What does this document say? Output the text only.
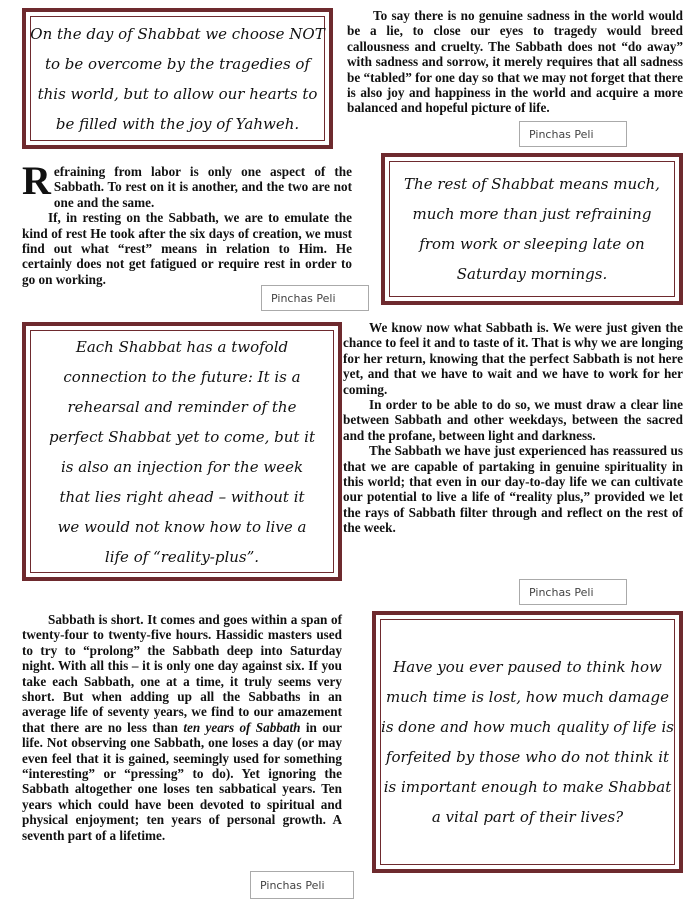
On the day of Shabbat we choose NOT
to be overcome by the tragedies of
this world, but to allow our hearts to
be filled with the joy of Yahweh.

To say there is no genuine sadness in the world would be a lie, to close our eyes to tragedy would breed callousness and cruelty. The Sabbath does not “do away” with sadness and sorrow, it merely requires that all sadness be “tabled” for one day so that we may not forget that there is also joy and happiness in the world and acquire a more balanced and hopeful picture of life.

Pinchas Peli

Refraining from labor is only one aspect of the Sabbath. To rest on it is another, and the two are not one and the same.

If, in resting on the Sabbath, we are to emulate the kind of rest He took after the six days of creation, we must find out what “rest” means in relation to Him. He certainly does not get fatigued or require rest in order to go on working.

Pinchas Peli

The rest of Shabbat means much,
much more than just refraining
from work or sleeping late on
Saturday mornings.

Each Shabbat has a twofold
connection to the future: It is a
rehearsal and reminder of the
perfect Shabbat yet to come, but it
is also an injection for the week
that lies right ahead – without it
we would not know how to live a
life of “reality-plus”.

We know now what Sabbath is. We were just given the chance to feel it and to taste of it. That is why we are longing for her return, knowing that the perfect Sabbath is not here yet, and that we have to wait and we have to work for her coming.

In order to be able to do so, we must draw a clear line between Sabbath and other weekdays, between the sacred and the profane, between light and darkness.

The Sabbath we have just experienced has reassured us that we are capable of partaking in genuine spirituality in this world; that even in our day-to-day life we can cultivate our potential to live a life of “reality plus,” provided we let the rays of Sabbath filter through and reflect on the rest of the week.

Pinchas Peli

Sabbath is short. It comes and goes within a span of twenty-four to twenty-five hours. Hassidic masters used to try to “prolong” the Sabbath deep into Saturday night. With all this – it is only one day against six. If you take each Sabbath, one at a time, it truly seems very short. But when adding up all the Sabbaths in an average life of seventy years, we find to our amazement that there are no less than ten years of Sabbath in our life. Not observing one Sabbath, one loses a day (or may even feel that it is gained, seemingly used for something “interesting” or “pressing” to do). Yet ignoring the Sabbath altogether one loses ten sabbatical years. Ten years which could have been devoted to spiritual and physical enjoyment; ten years of personal growth. A seventh part of a lifetime.

Pinchas Peli

Have you ever paused to think how
much time is lost, how much damage
is done and how much quality of life is
forfeited by those who do not think it
is important enough to make Shabbat
a vital part of their lives?
